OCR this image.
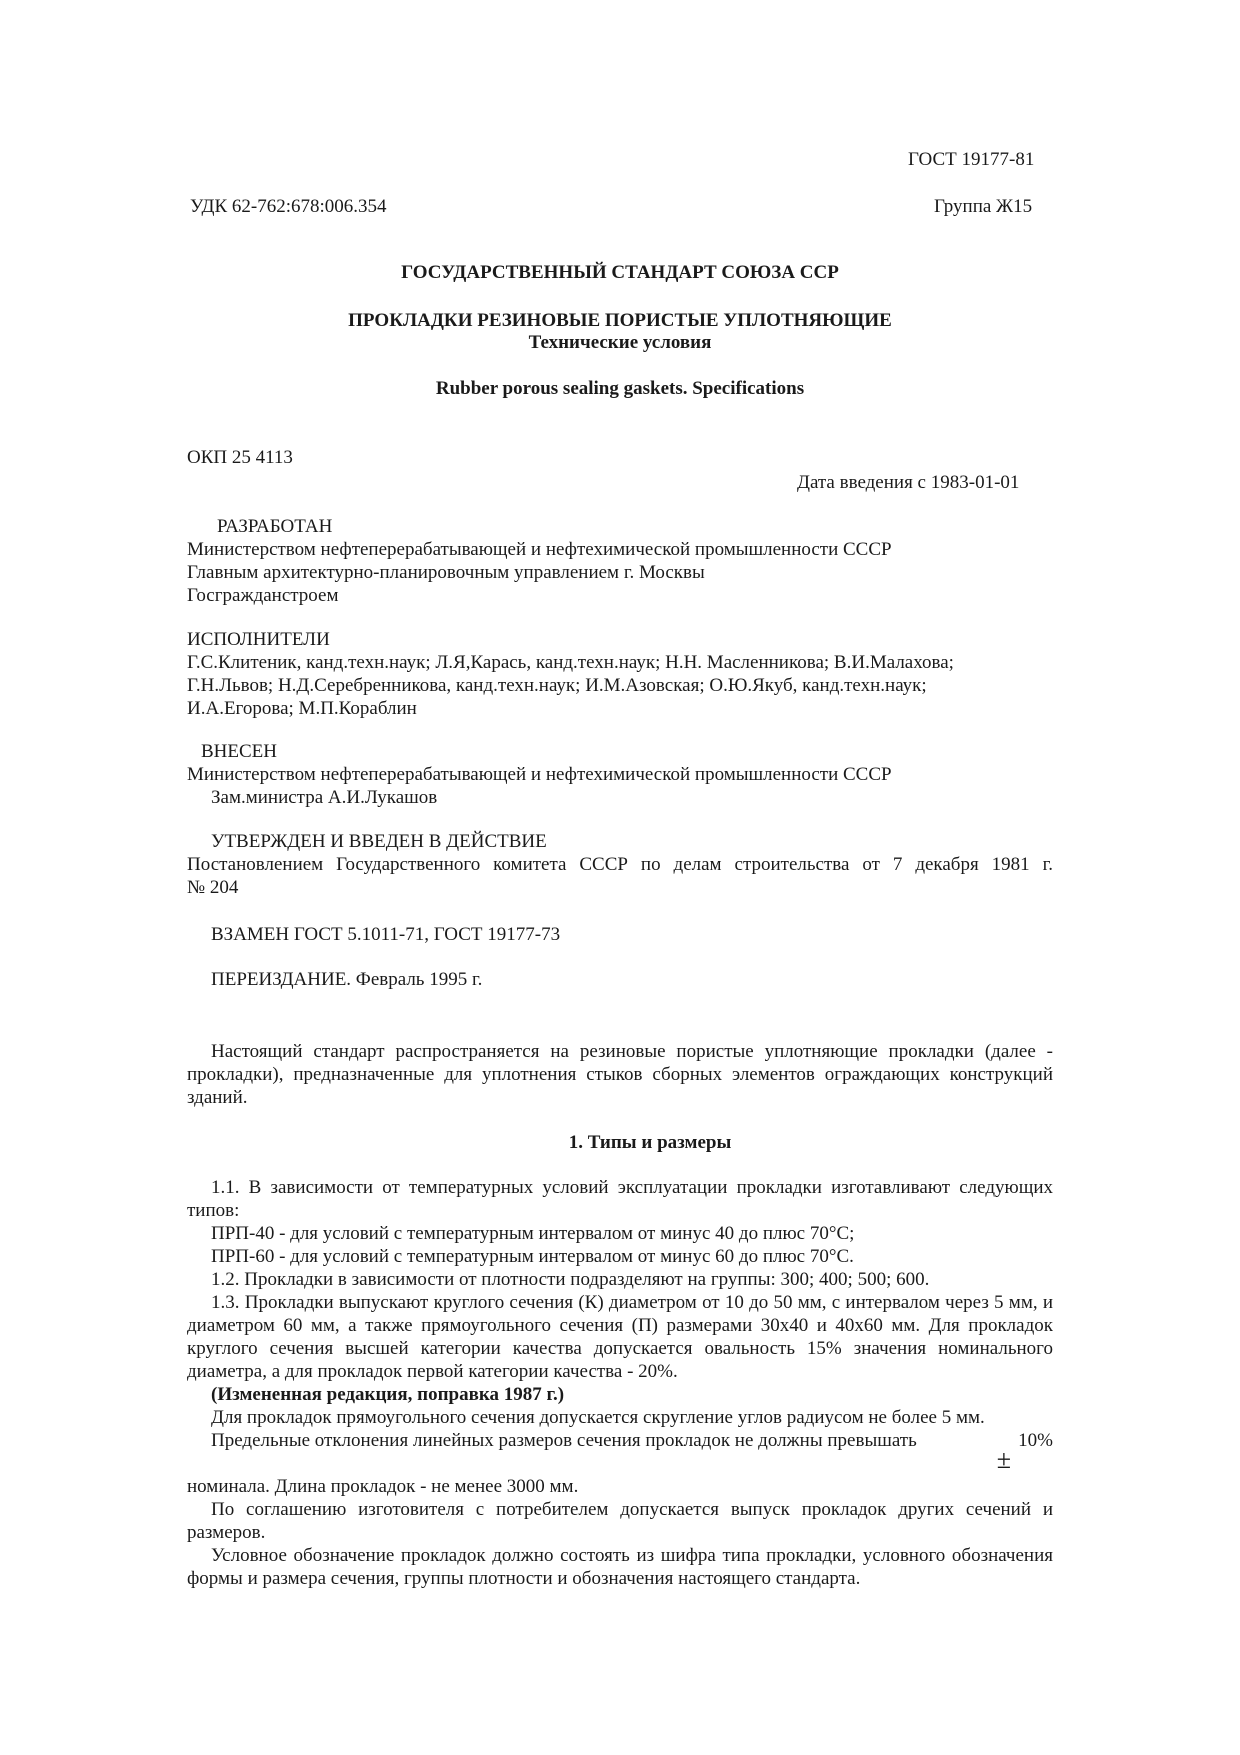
ГОСТ 19177-81
УДК 62-762:678:006.354	Группа Ж15
ГОСУДАРСТВЕННЫЙ СТАНДАРТ СОЮЗА ССР
ПРОКЛАДКИ РЕЗИНОВЫЕ ПОРИСТЫЕ УПЛОТНЯЮЩИЕ
Технические условия
Rubber porous sealing gaskets. Specifications
ОКП 25 4113
Дата введения с 1983-01-01

РАЗРАБОТАН

Министерством нефтеперерабатывающей и нефтехимической промышленности СССР

Главным архитектурно-планировочным управлением г. Москвы

Госгражданстроем

ИСПОЛНИТЕЛИ

Г.С.Клитеник, канд.техн.наук; Л.Я,Карась, канд.техн.наук; Н.Н. Масленникова; В.И.Малахова;

Г.Н.Львов; Н.Д.Серебренникова, канд.техн.наук; И.М.Азовская; О.Ю.Якуб, канд.техн.наук;

И.А.Егорова; М.П.Кораблин

ВНЕСЕН

Министерством нефтеперерабатывающей и нефтехимической промышленности СССР

Зам.министра А.И.Лукашов

УТВЕРЖДЕН И ВВЕДЕН В ДЕЙСТВИЕ

Постановлением Государственного комитета СССР по делам строительства от 7 декабря 1981 г.

№ 204

ВЗАМЕН ГОСТ 5.1011-71, ГОСТ 19177-73
ПЕРЕИЗДАНИЕ. Февраль 1995 г.

Настоящий стандарт распространяется на резиновые пористые уплотняющие прокладки (далее - прокладки), предназначенные для уплотнения стыков сборных элементов ограждающих конструкций зданий.

1. Типы и размеры

1.1. В зависимости от температурных условий эксплуатации прокладки изготавливают следующих типов:

ПРП-40 - для условий с температурным интервалом от минус 40 до плюс 70°С;

ПРП-60 - для условий с температурным интервалом от минус 60 до плюс 70°С.

1.2. Прокладки в зависимости от плотности подразделяют на группы: 300; 400; 500; 600.

1.3. Прокладки выпускают круглого сечения (К) диаметром от 10 до 50 мм, с интервалом через 5 мм, и диаметром 60 мм, а также прямоугольного сечения (П) размерами 30х40 и 40х60 мм. Для прокладок круглого сечения высшей категории качества допускается овальность 15% значения номинального диаметра, а для прокладок первой категории качества - 20%.

(Измененная редакция, поправка 1987 г.)

Для прокладок прямоугольного сечения допускается скругление углов радиусом не более 5 мм.

Предельные отклонения линейных размеров сечения прокладок не должны превышать	10%
±

номинала. Длина прокладок - не менее 3000 мм.

По соглашению изготовителя с потребителем допускается выпуск прокладок других сечений и размеров.

Условное обозначение прокладок должно состоять из шифра типа прокладки, условного обозначения формы и размера сечения, группы плотности и обозначения настоящего стандарта.
